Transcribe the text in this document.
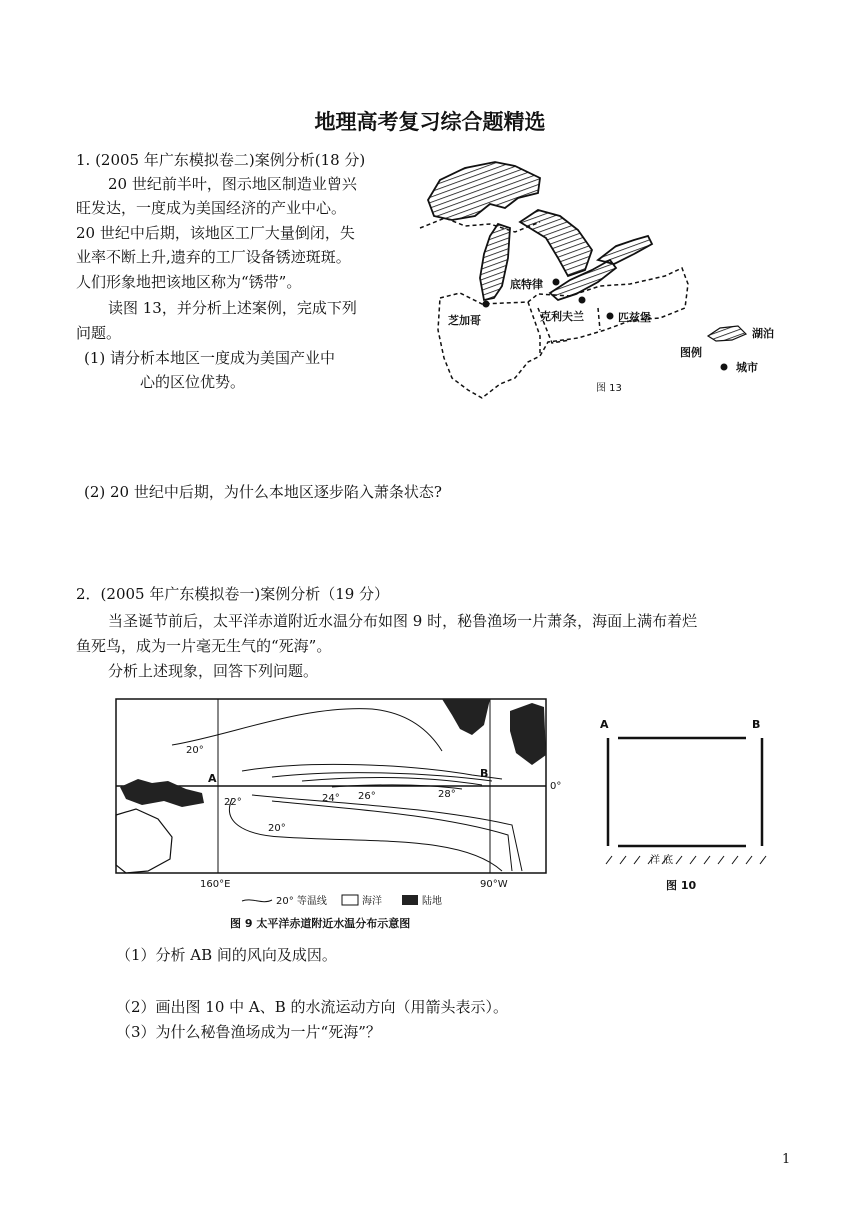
地理高考复习综合题精选
1. (2005 年广东模拟卷二)案例分析(18 分)
20 世纪前半叶，图示地区制造业曾兴
旺发达，一度成为美国经济的产业中心。
20 世纪中后期，该地区工厂大量倒闭，失
业率不断上升,遗弃的工厂设备锈迹斑斑。
人们形象地把该地区称为“锈带”。
读图 13，并分析上述案例，完成下列
问题。
(1) 请分析本地区一度成为美国产业中
心的区位优势。
(2) 20 世纪中后期，为什么本地区逐步陷入萧条状态?
芝加哥
底特律
克利夫兰	匹兹堡
湖泊
图例
城市
图 13
2．(2005 年广东模拟卷一)案例分析（19 分）
当圣诞节前后，太平洋赤道附近水温分布如图 9 时，秘鲁渔场一片萧条，海面上满布着烂
鱼死鸟，成为一片毫无生气的“死海”。
分析上述现象，回答下列问题。
20°
22°	24° 26°	28°
20°
A	B
0°
160°E	90°W
20° 等温线	海洋	陆地
图 9 太平洋赤道附近水温分布示意图
A	B
洋 底
图 10
（1）分析 AB 间的风向及成因。
（2）画出图 10 中 A、B 的水流运动方向（用箭头表示）。
（3）为什么秘鲁渔场成为一片“死海”？
1
